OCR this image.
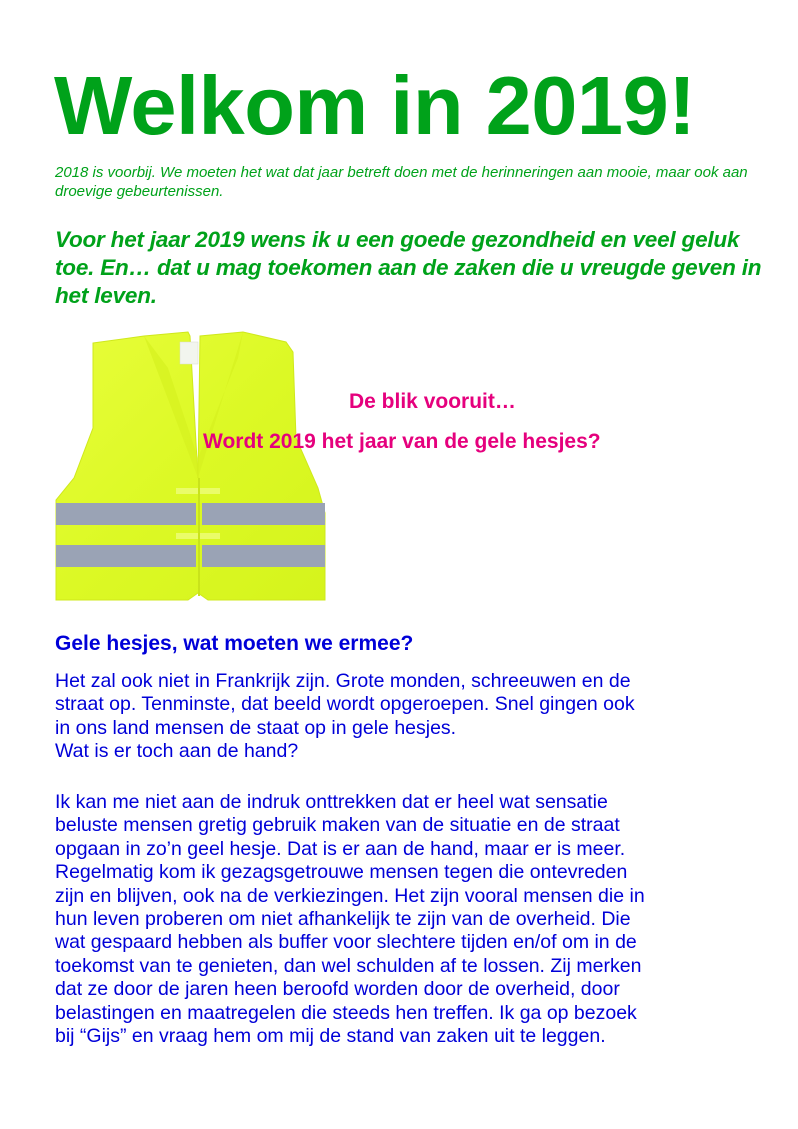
Welkom in 2019!

2018 is voorbij. We moeten het wat dat jaar betreft doen met de herinneringen aan mooie, maar ook aan droevige gebeurtenissen.

Voor het jaar 2019 wens ik u een goede gezondheid en veel geluk toe. En… dat u mag toekomen aan de zaken die u vreugde geven in het leven.

De blik vooruit…

Wordt 2019 het jaar van de gele hesjes?

Gele hesjes, wat moeten we ermee?

Het zal ook niet in Frankrijk zijn. Grote monden, schreeuwen en de
straat op. Tenminste, dat beeld wordt opgeroepen. Snel gingen ook
in ons land mensen de staat op in gele hesjes.
Wat is er toch aan de hand?

Ik kan me niet aan de indruk onttrekken dat er heel wat sensatie
beluste mensen gretig gebruik maken van de situatie en de straat
opgaan in zo’n geel hesje. Dat is er aan de hand, maar er is meer.
Regelmatig kom ik gezagsgetrouwe mensen tegen die ontevreden
zijn en blijven, ook na de verkiezingen. Het zijn vooral mensen die in
hun leven proberen om niet afhankelijk te zijn van de overheid. Die
wat gespaard hebben als buffer voor slechtere tijden en/of om in de
toekomst van te genieten, dan wel schulden af te lossen. Zij merken
dat ze door de jaren heen beroofd worden door de overheid, door
belastingen en maatregelen die steeds hen treffen. Ik ga op bezoek
bij “Gijs” en vraag hem om mij de stand van zaken uit te leggen.
